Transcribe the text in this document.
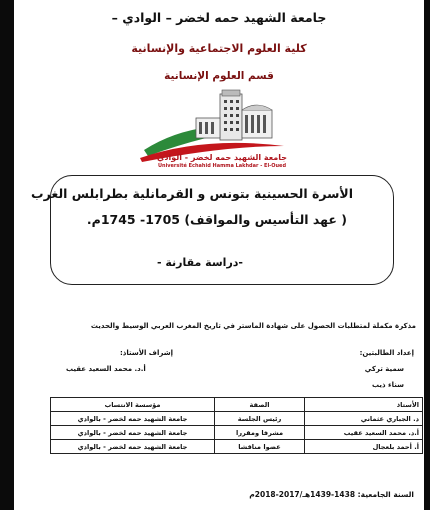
جامعة الشهيد حمه لخضر – الوادي –
كلية العلوم الاجتماعية والإنسانية
قسم العلوم الإنسانية
جامعة الشهيد حمه لخضر - الوادي
Université Echahid Hamma Lakhdar - El-Oued
الأسرة الحسينية بتونس و القرمانلية بطرابلس الغرب
( عهد التأسيس والمواقف) 1705- 1745م.
-دراسة مقارنة -
مذكرة مكملة لمتطلبات الحصول على شهادة الماستر في تاريخ المغرب العربي الوسيط والحديث
إعداد الطالبتين:
إشراف الأستاذ:
سمية تركي
أ.د. محمد السعيد عقيب
سناء ذيب
الأستاذ	الصفة	مؤسسة الانتساب
د. الجباري عثماني	رئيس الجلسة	جامعة الشهيد حمه لخضر - بالوادي
أ.د. محمد السعيد عقيب	مشرفا ومقررا	جامعة الشهيد حمه لخضر - بالوادي
أ. أحمد بلعجال	عضوا مناقشا	جامعة الشهيد حمه لخضر - بالوادي
السنة الجامعية: 1438-1439هـ/2017-2018م
